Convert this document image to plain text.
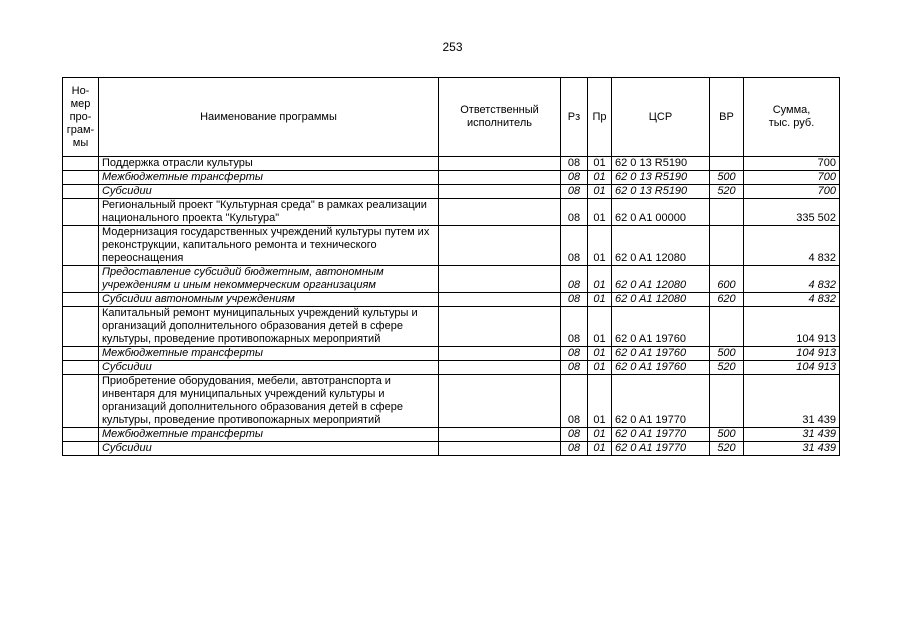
253
Но-
мер
про-
грам-
мы	Наименование программы	Ответственный
исполнитель	Рз	Пр	ЦСР	ВР	Сумма,
тыс. руб.
	Поддержка отрасли культуры		08	01	62 0 13 R5190		700
	Межбюджетные трансферты		08	01	62 0 13 R5190	500	700
	Субсидии		08	01	62 0 13 R5190	520	700
	Региональный проект "Культурная среда" в рамках реализации национального проекта "Культура"		08	01	62 0 A1 00000		335 502
	Модернизация государственных учреждений культуры путем их реконструкции, капитального ремонта и технического переоснащения		08	01	62 0 A1 12080		4 832
	Предоставление субсидий бюджетным, автономным учреждениям и иным некоммерческим организациям		08	01	62 0 A1 12080	600	4 832
	Субсидии автономным учреждениям		08	01	62 0 A1 12080	620	4 832
	Капитальный ремонт муниципальных учреждений культуры и организаций дополнительного образования детей в сфере культуры, проведение противопожарных мероприятий		08	01	62 0 A1 19760		104 913
	Межбюджетные трансферты		08	01	62 0 A1 19760	500	104 913
	Субсидии		08	01	62 0 A1 19760	520	104 913
	Приобретение оборудования, мебели, автотранспорта и инвентаря для муниципальных учреждений культуры и организаций дополнительного образования детей в сфере культуры, проведение противопожарных мероприятий		08	01	62 0 A1 19770		31 439
	Межбюджетные трансферты		08	01	62 0 A1 19770	500	31 439
	Субсидии		08	01	62 0 A1 19770	520	31 439
